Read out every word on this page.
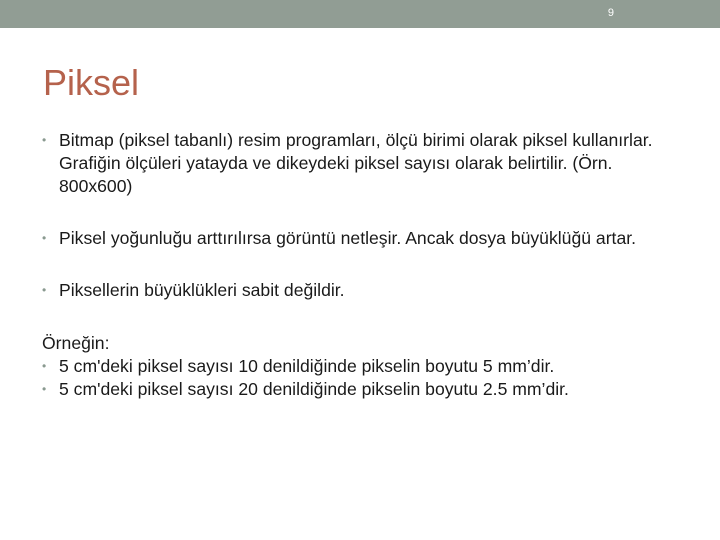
9
Piksel
• Bitmap (piksel tabanlı) resim programları, ölçü birimi olarak piksel kullanırlar. Grafiğin ölçüleri yatayda ve dikeydeki piksel sayısı olarak belirtilir. (Örn. 800x600)
• Piksel yoğunluğu arttırılırsa görüntü netleşir. Ancak dosya büyüklüğü artar.
• Piksellerin büyüklükleri sabit değildir.
Örneğin:
• 5 cm'deki piksel sayısı 10 denildiğinde pikselin boyutu 5 mm’dir.
• 5 cm'deki piksel sayısı 20 denildiğinde pikselin boyutu 2.5 mm’dir.
